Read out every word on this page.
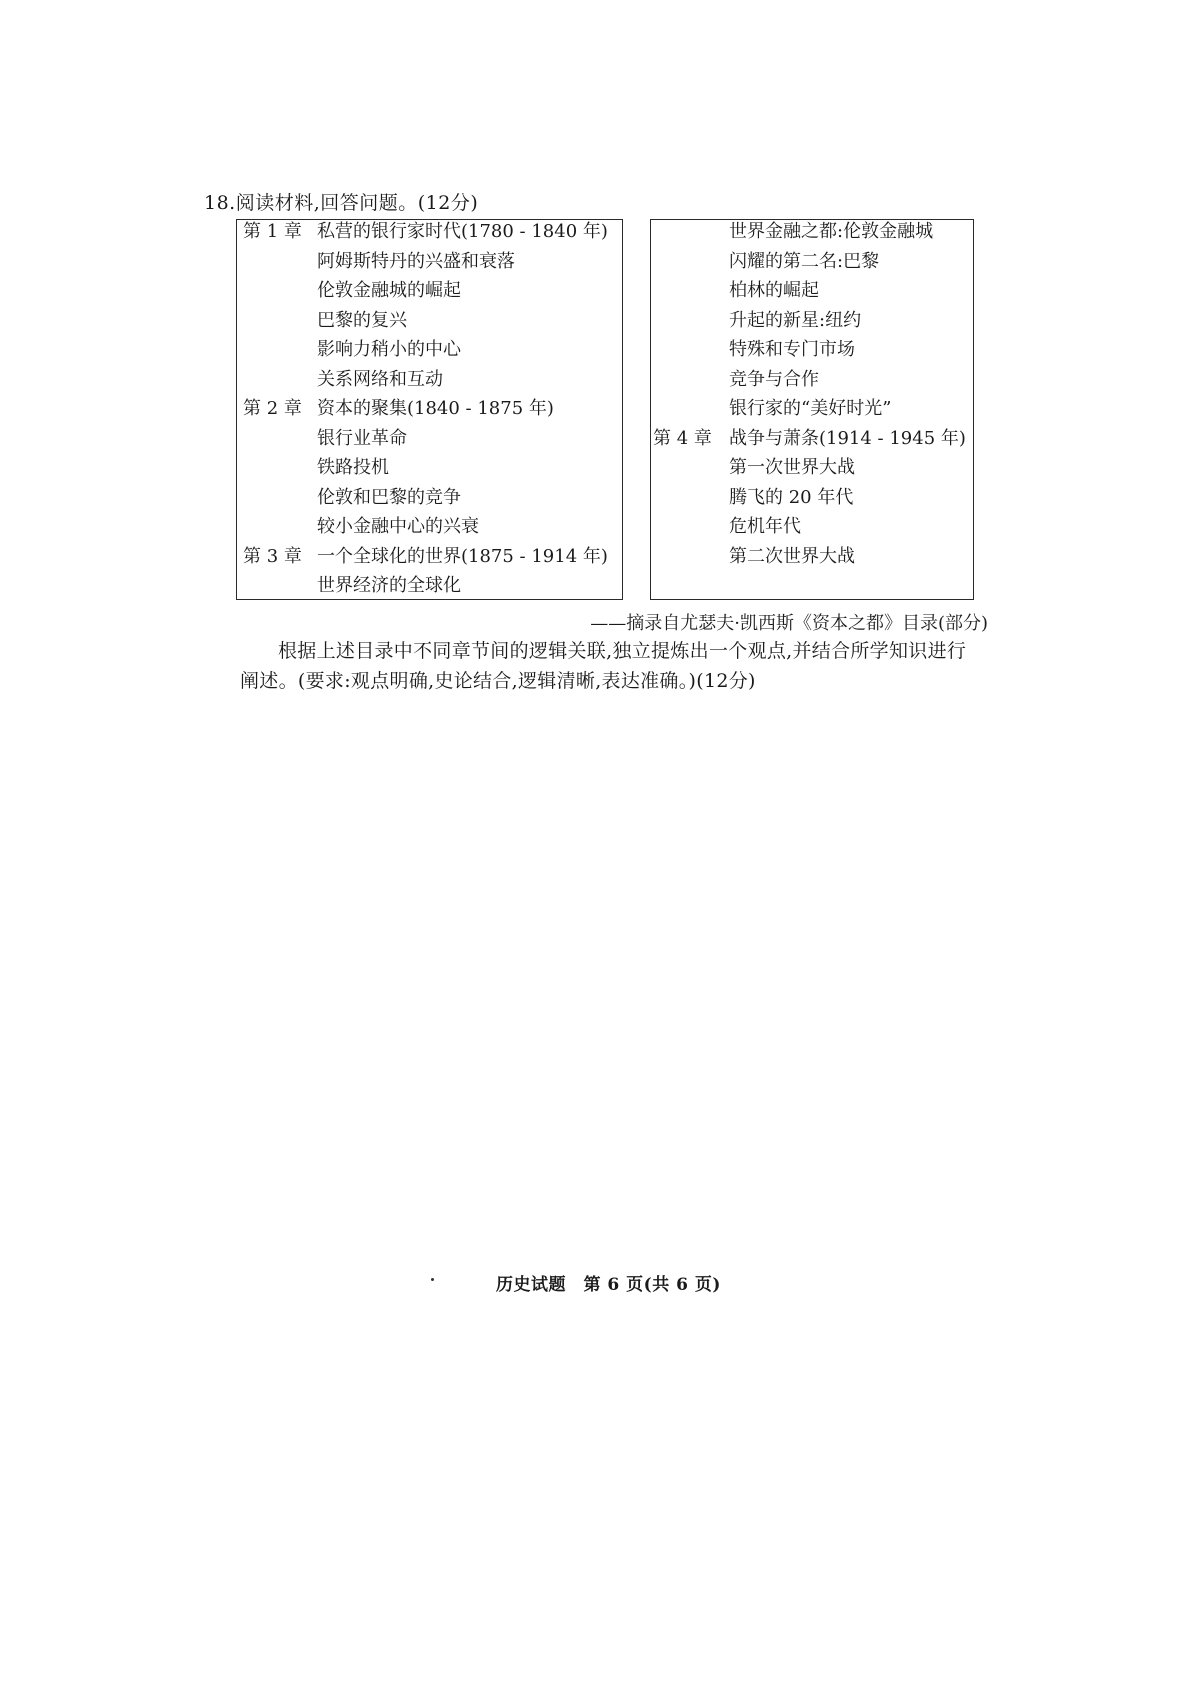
18.阅读材料,回答问题。(12分)
第 1 章 私营的银行家时代(1780 - 1840 年)
阿姆斯特丹的兴盛和衰落
伦敦金融城的崛起
巴黎的复兴
影响力稍小的中心
关系网络和互动
第 2 章 资本的聚集(1840 - 1875 年)
银行业革命
铁路投机
伦敦和巴黎的竞争
较小金融中心的兴衰
第 3 章 一个全球化的世界(1875 - 1914 年)
世界经济的全球化
世界金融之都:伦敦金融城
闪耀的第二名:巴黎
柏林的崛起
升起的新星:纽约
特殊和专门市场
竞争与合作
银行家的“美好时光”
第 4 章 战争与萧条(1914 - 1945 年)
第一次世界大战
腾飞的 20 年代
危机年代
第二次世界大战
——摘录自尤瑟夫·凯西斯《资本之都》目录(部分)
根据上述目录中不同章节间的逻辑关联,独立提炼出一个观点,并结合所学知识进行
阐述。(要求:观点明确,史论结合,逻辑清晰,表达准确。)(12分)
历史试题　第 6 页(共 6 页)
